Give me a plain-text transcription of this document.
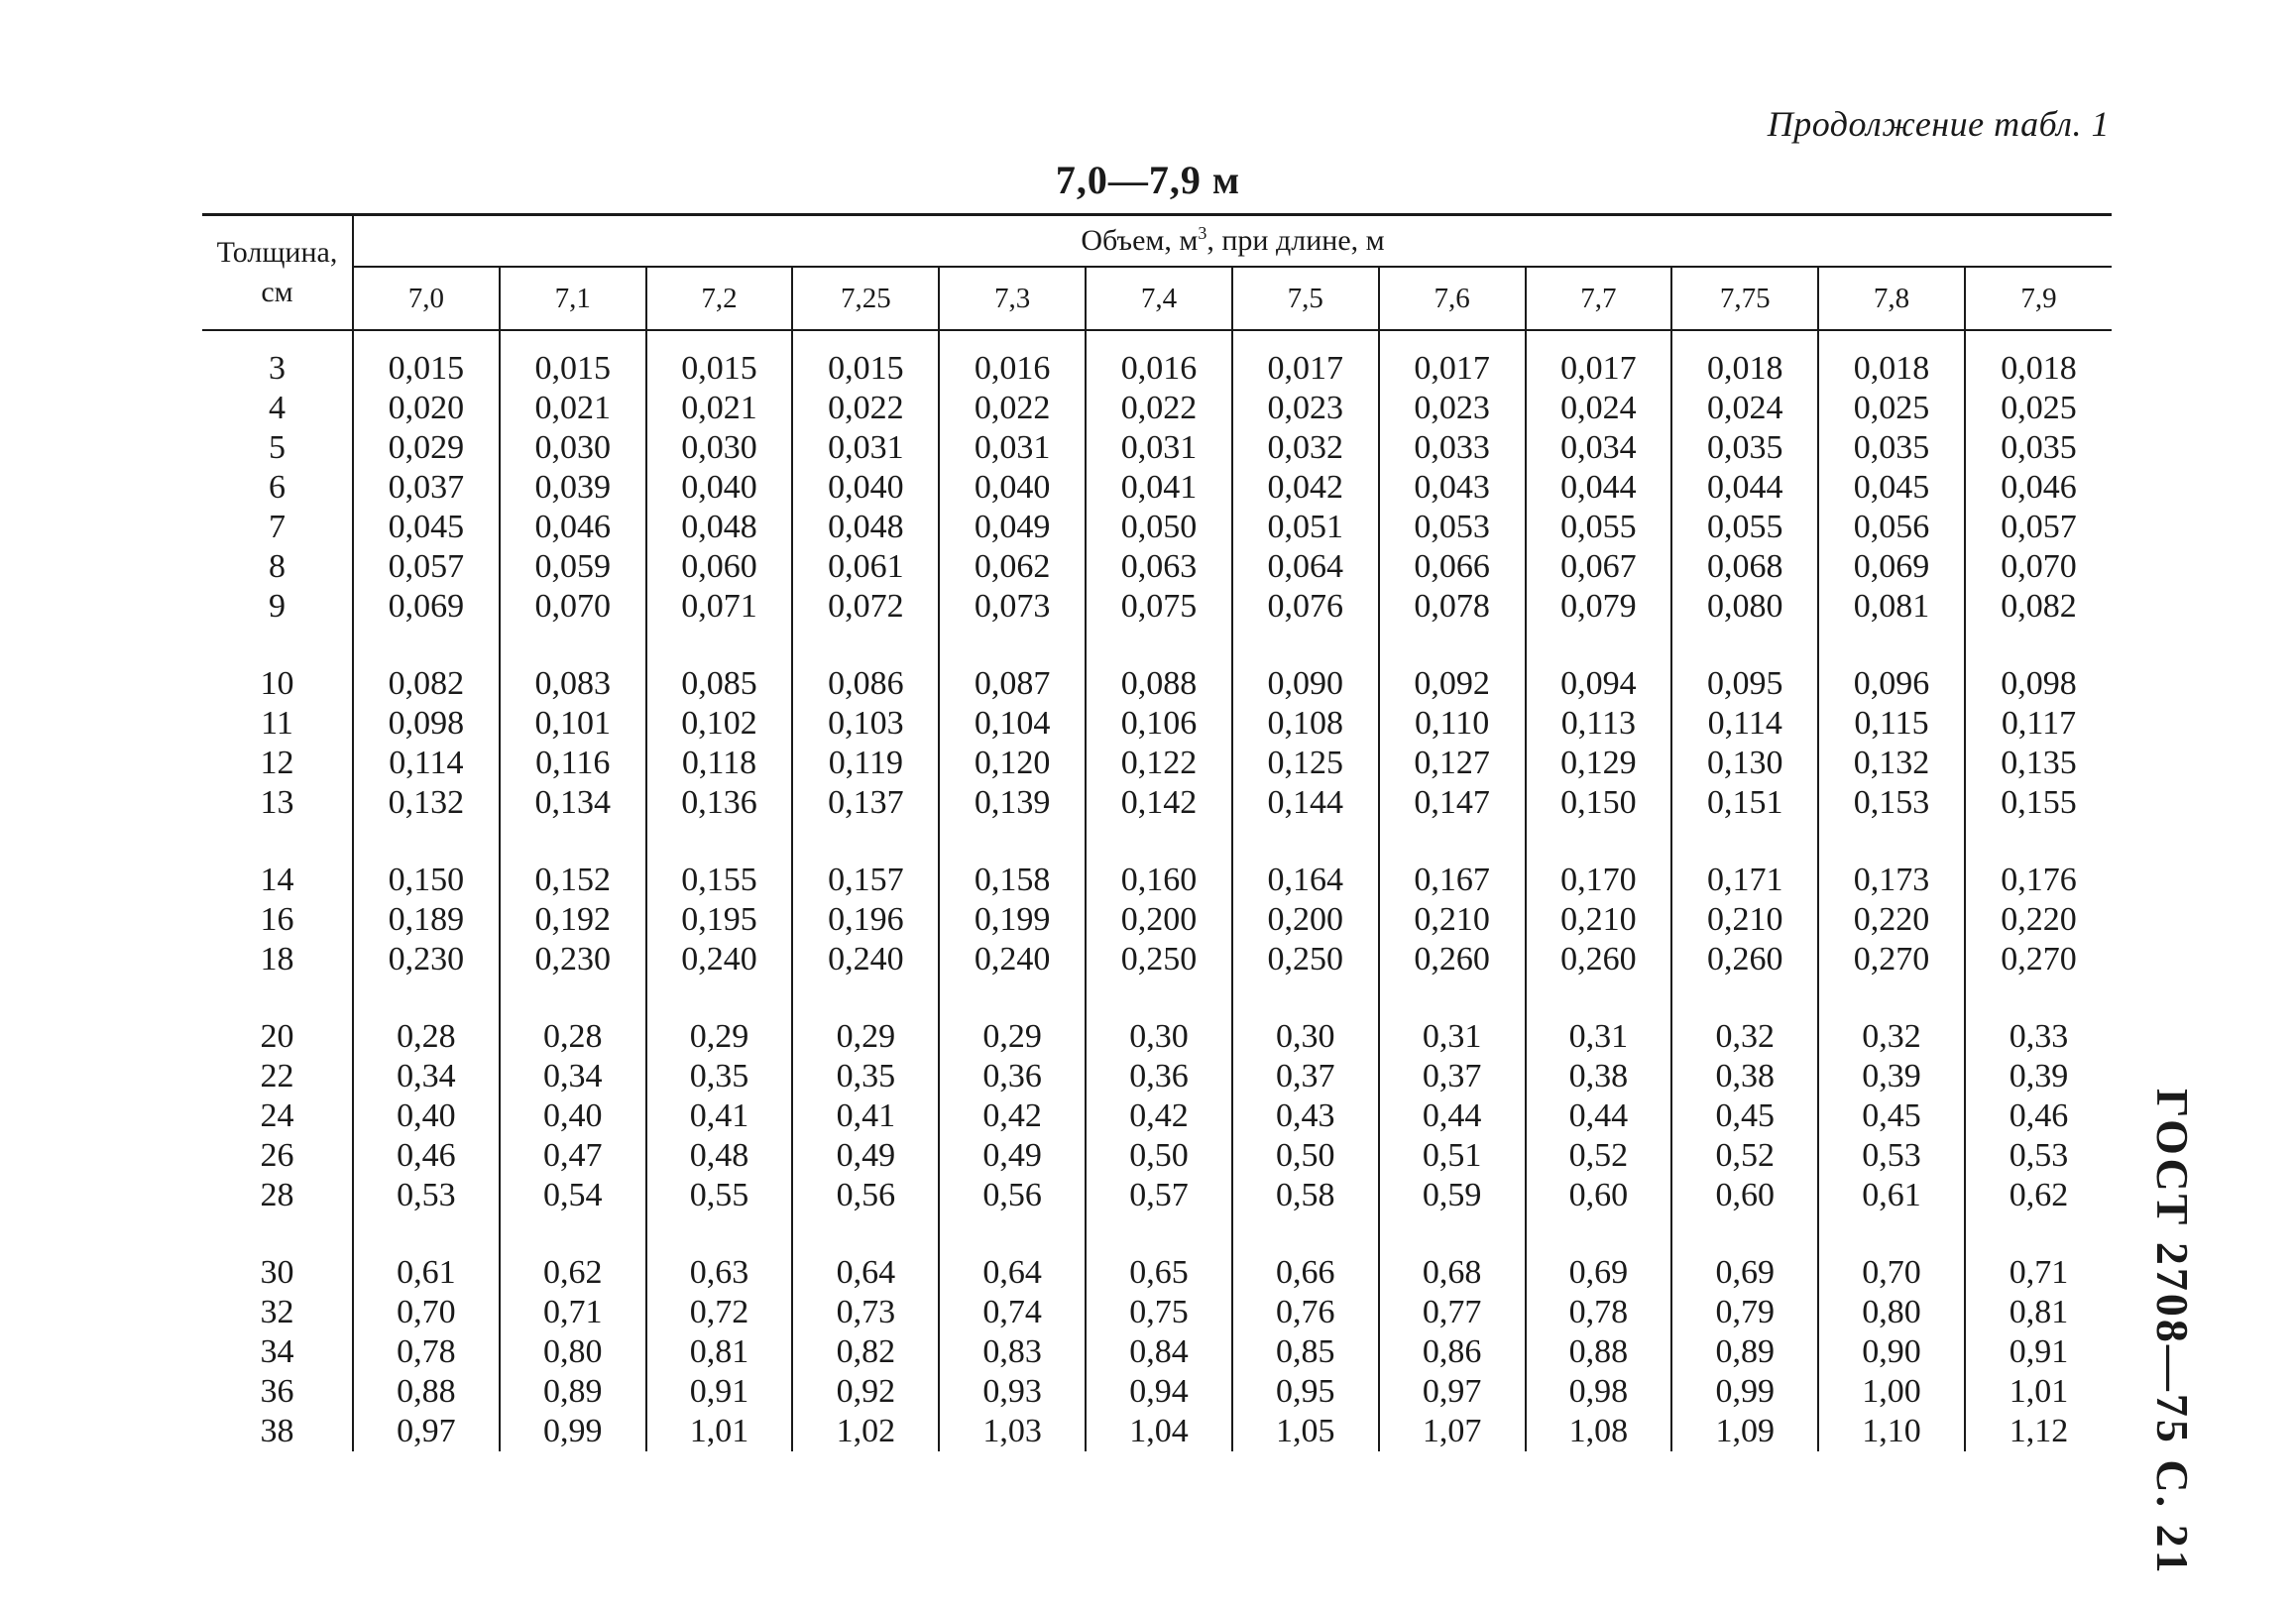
Продолжение табл. 1
7,0—7,9 м
ГОСТ 2708—75 С. 21
Толщина,
см	Объем, $м^3$, при длине, м											
	7,0	7,1	7,2	7,25	7,3	7,4	7,5	7,6	7,7	7,75	7,8	7,9

3	0,015	0,015	0,015	0,015	0,016	0,016	0,017	0,017	0,017	0,018	0,018	0,018
4	0,020	0,021	0,021	0,022	0,022	0,022	0,023	0,023	0,024	0,024	0,025	0,025
5	0,029	0,030	0,030	0,031	0,031	0,031	0,032	0,033	0,034	0,035	0,035	0,035
6	0,037	0,039	0,040	0,040	0,040	0,041	0,042	0,043	0,044	0,044	0,045	0,046
7	0,045	0,046	0,048	0,048	0,049	0,050	0,051	0,053	0,055	0,055	0,056	0,057
8	0,057	0,059	0,060	0,061	0,062	0,063	0,064	0,066	0,067	0,068	0,069	0,070
9	0,069	0,070	0,071	0,072	0,073	0,075	0,076	0,078	0,079	0,080	0,081	0,082

10	0,082	0,083	0,085	0,086	0,087	0,088	0,090	0,092	0,094	0,095	0,096	0,098
11	0,098	0,101	0,102	0,103	0,104	0,106	0,108	0,110	0,113	0,114	0,115	0,117
12	0,114	0,116	0,118	0,119	0,120	0,122	0,125	0,127	0,129	0,130	0,132	0,135
13	0,132	0,134	0,136	0,137	0,139	0,142	0,144	0,147	0,150	0,151	0,153	0,155

14	0,150	0,152	0,155	0,157	0,158	0,160	0,164	0,167	0,170	0,171	0,173	0,176
16	0,189	0,192	0,195	0,196	0,199	0,200	0,200	0,210	0,210	0,210	0,220	0,220
18	0,230	0,230	0,240	0,240	0,240	0,250	0,250	0,260	0,260	0,260	0,270	0,270

20	0,28	0,28	0,29	0,29	0,29	0,30	0,30	0,31	0,31	0,32	0,32	0,33
22	0,34	0,34	0,35	0,35	0,36	0,36	0,37	0,37	0,38	0,38	0,39	0,39
24	0,40	0,40	0,41	0,41	0,42	0,42	0,43	0,44	0,44	0,45	0,45	0,46
26	0,46	0,47	0,48	0,49	0,49	0,50	0,50	0,51	0,52	0,52	0,53	0,53
28	0,53	0,54	0,55	0,56	0,56	0,57	0,58	0,59	0,60	0,60	0,61	0,62

30	0,61	0,62	0,63	0,64	0,64	0,65	0,66	0,68	0,69	0,69	0,70	0,71
32	0,70	0,71	0,72	0,73	0,74	0,75	0,76	0,77	0,78	0,79	0,80	0,81
34	0,78	0,80	0,81	0,82	0,83	0,84	0,85	0,86	0,88	0,89	0,90	0,91
36	0,88	0,89	0,91	0,92	0,93	0,94	0,95	0,97	0,98	0,99	1,00	1,01
38	0,97	0,99	1,01	1,02	1,03	1,04	1,05	1,07	1,08	1,09	1,10	1,12
